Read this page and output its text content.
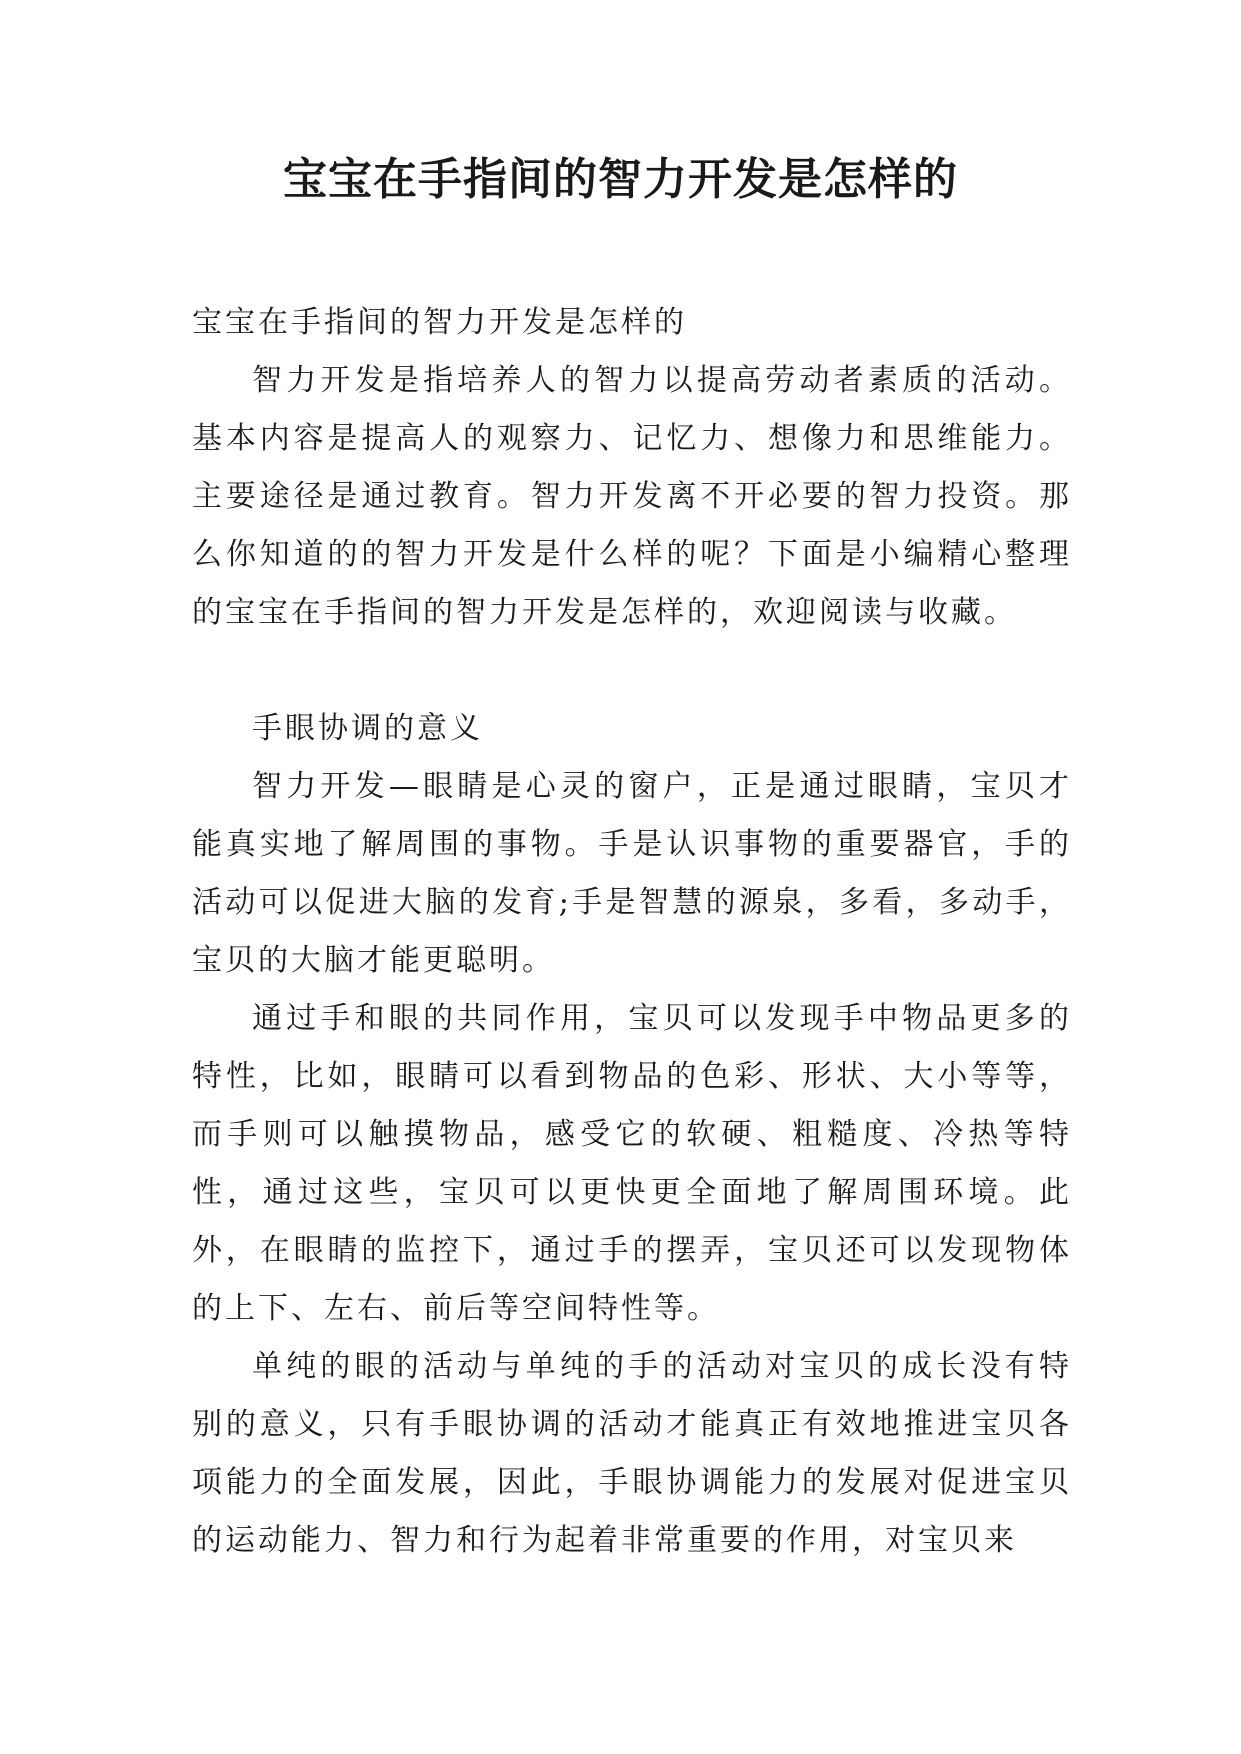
宝宝在手指间的智力开发是怎样的

宝宝在手指间的智力开发是怎样的

智力开发是指培养人的智力以提高劳动者素质的活动。基本内容是提高人的观察力、记忆力、想像力和思维能力。主要途径是通过教育。智力开发离不开必要的智力投资。那么你知道的的智力开发是什么样的呢？下面是小编精心整理的宝宝在手指间的智力开发是怎样的，欢迎阅读与收藏。

手眼协调的意义

智力开发—眼睛是心灵的窗户，正是通过眼睛，宝贝才能真实地了解周围的事物。手是认识事物的重要器官，手的活动可以促进大脑的发育;手是智慧的源泉，多看，多动手，宝贝的大脑才能更聪明。

通过手和眼的共同作用，宝贝可以发现手中物品更多的特性，比如，眼睛可以看到物品的色彩、形状、大小等等，而手则可以触摸物品，感受它的软硬、粗糙度、冷热等特性，通过这些，宝贝可以更快更全面地了解周围环境。此外，在眼睛的监控下，通过手的摆弄，宝贝还可以发现物体的上下、左右、前后等空间特性等。

单纯的眼的活动与单纯的手的活动对宝贝的成长没有特别的意义，只有手眼协调的活动才能真正有效地推进宝贝各项能力的全面发展，因此，手眼协调能力的发展对促进宝贝的运动能力、智力和行为起着非常重要的作用，对宝贝来
